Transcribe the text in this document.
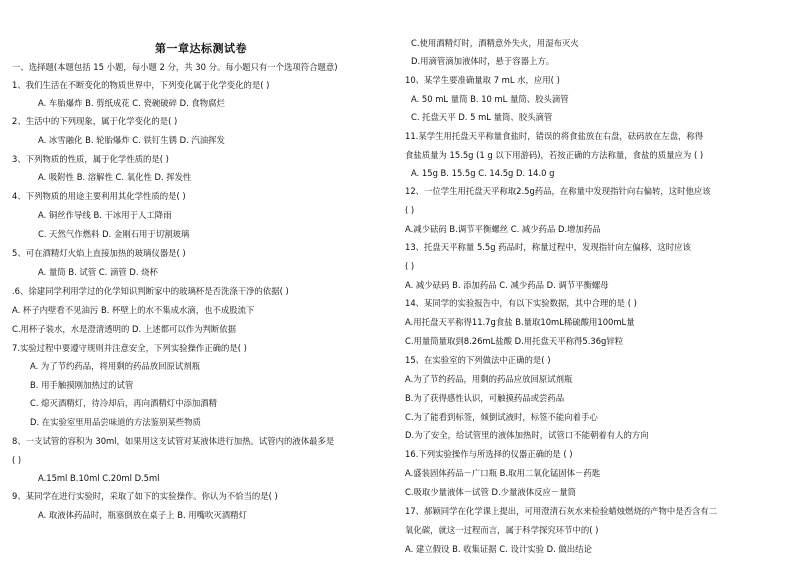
第一章达标测试卷
一、选择题(本题包括 15 小题，每小题 2 分，共 30 分。每小题只有一个选项符合题意)
1、我们生活在不断变化的物质世界中，下列变化属于化学变化的是( )
A. 车胎爆炸 B. 剪纸成花 C. 瓷碗破碎 D. 食物腐烂
2、生活中的下列现象，属于化学变化的是( )
A. 冰雪融化 B. 轮胎爆炸 C. 铁钉生锈 D. 汽油挥发
3、下列物质的性质，属于化学性质的是( )
A. 吸附性 B. 溶解性 C. 氧化性 D. 挥发性
4、下列物质的用途主要利用其化学性质的是( )
A. 铜丝作导线 B. 干冰用于人工降雨
C. 天然气作燃料 D. 金刚石用于切割玻璃
5、可在酒精灯火焰上直接加热的玻璃仪器是( )
A. 量筒 B. 试管 C. 滴管 D. 烧杯
.6、徐建同学利用学过的化学知识判断家中的玻璃杯是否洗涤干净的依据( )
A. 杯子内壁看不见油污 B. 杯壁上的水不集成水滴，也不成股流下
C.用杯子装水，水是澄清透明的 D. 上述都可以作为判断依据
7.实验过程中要遵守规则并注意安全，下列实验操作正确的是( )
A. 为了节约药品，将用剩的药品放回原试剂瓶
B. 用手触摸刚加热过的试管
C. 熄灭酒精灯，待冷却后，再向酒精灯中添加酒精
D. 在实验室里用品尝味道的方法鉴别某些物质
8、一支试管的容积为 30ml，如果用这支试管对某液体进行加热。试管内的液体最多是
( )
A.15ml B.10ml C.20ml D.5ml
9、某同学在进行实验时，采取了如下的实验操作。你认为不恰当的是( )
A. 取液体药品时，瓶塞倒放在桌子上 B. 用嘴吹灭酒精灯
C.使用酒精灯时，酒精意外失火，用湿布灭火
D.用滴管滴加液体时，悬于容器上方。
10、某学生要准确量取 7 mL 水，应用( )
A. 50 mL 量筒 B. 10 mL 量筒、胶头滴管
C. 托盘天平 D. 5 mL 量筒、胶头滴管
11.某学生用托盘天平称量食盐时，错误的将食盐放在右盘，砝码放在左盘，称得
食盐质量为 15.5g (1 g 以下用游码)，若按正确的方法称量，食盐的质量应为 ( )
A. 15g B. 15.5g C. 14.5g D. 14.0 g
12、一位学生用托盘天平称取2.5g药品，在称量中发现指针向右偏转，这时他应该
( )
A.减少砝码 B.调节平衡螺丝 C. 减少药品 D.增加药品
13、托盘天平称量 5.5g 药品时，称量过程中，发现指针向左偏移，这时应该
( )
A. 减少砝码 B. 添加药品 C. 减少药品 D. 调节平衡螺母
14、某同学的实验报告中，有以下实验数据，其中合理的是 ( )
A.用托盘天平称得11.7g食盐 B.量取10mL稀硫酸用100mL量
C.用量筒量取到8.26mL盐酸 D.用托盘天平称得5.36g锌粒
15、在实验室的下列做法中正确的是( )
A.为了节约药品，用剩的药品应放回原试剂瓶
B.为了获得感性认识，可触摸药品或尝药品
C.为了能看到标签，倾倒试液时，标签不能向着手心
D.为了安全，给试管里的液体加热时，试管口不能朝着有人的方向
16.下列实验操作与所选择的仪器正确的是 ( )
A.盛装固体药品－广口瓶 B.取用二氧化锰固体－药匙
C.吸取少量液体－试管 D.少量液体反应－量筒
17、郝颖同学在化学课上提出，可用澄清石灰水来检验蜡烛燃烧的产物中是否含有二
氧化碳，就这一过程而言，属于科学探究环节中的( )
A. 建立假设 B. 收集证据 C. 设计实验 D. 做出结论
